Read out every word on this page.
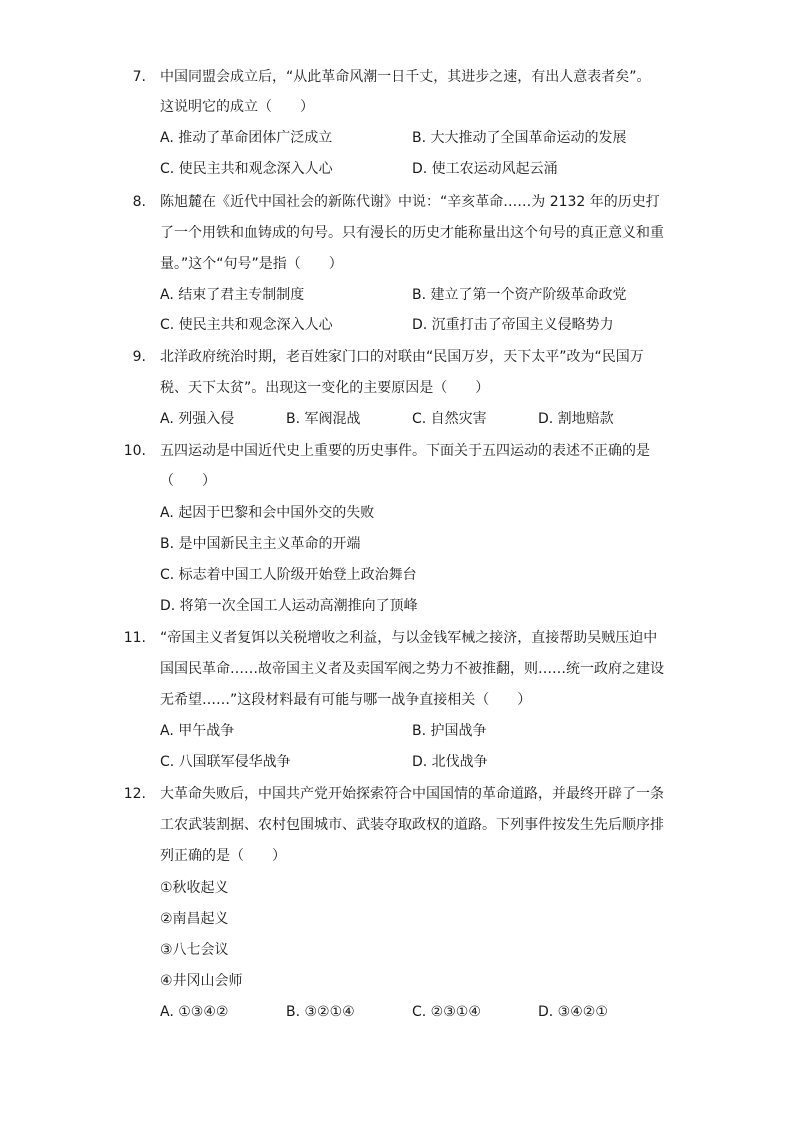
7. 中国同盟会成立后，“从此革命风潮一日千丈，其进步之速，有出人意表者矣”。
这说明它的成立（　　）
A. 推动了革命团体广泛成立	B. 大大推动了全国革命运动的发展
C. 使民主共和观念深入人心	D. 使工农运动风起云涌
8. 陈旭麓在《近代中国社会的新陈代谢》中说：“辛亥革命……为 2132 年的历史打
了一个用铁和血铸成的句号。只有漫长的历史才能称量出这个句号的真正意义和重
量。”这个“句号”是指（　　）
A. 结束了君主专制制度	B. 建立了第一个资产阶级革命政党
C. 使民主共和观念深入人心	D. 沉重打击了帝国主义侵略势力
9. 北洋政府统治时期，老百姓家门口的对联由“民国万岁，天下太平”改为“民国万
税、天下太贫”。出现这一变化的主要原因是（　　）
A. 列强入侵	B. 军阀混战	C. 自然灾害	D. 割地赔款
10. 五四运动是中国近代史上重要的历史事件。下面关于五四运动的表述不正确的是
（　　）
A. 起因于巴黎和会中国外交的失败
B. 是中国新民主主义革命的开端
C. 标志着中国工人阶级开始登上政治舞台
D. 将第一次全国工人运动高潮推向了顶峰
11. “帝国主义者复饵以关税增收之利益，与以金钱军械之接济，直接帮助吴贼压迫中
国国民革命……故帝国主义者及卖国军阀之势力不被推翻，则……统一政府之建设
无希望……”这段材料最有可能与哪一战争直接相关（　　）
A. 甲午战争	B. 护国战争
C. 八国联军侵华战争	D. 北伐战争
12. 大革命失败后，中国共产党开始探索符合中国国情的革命道路，并最终开辟了一条
工农武装割据、农村包围城市、武装夺取政权的道路。下列事件按发生先后顺序排
列正确的是（　　）
①秋收起义
②南昌起义
③八七会议
④井冈山会师
A. ①③④②	B. ③②①④	C. ②③①④	D. ③④②①
